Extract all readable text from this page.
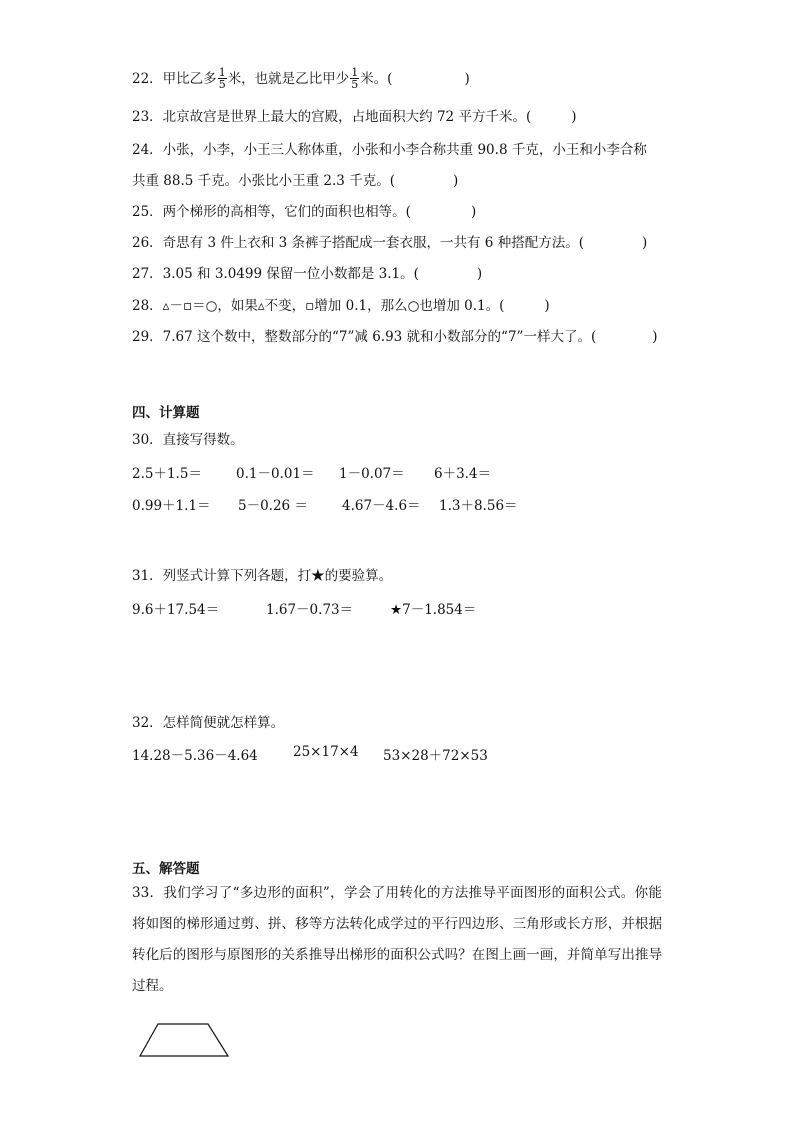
22．甲比乙多 $\frac{1}{5}$ 米，也就是乙比甲少 $\frac{1}{5}$ 米。(	)
23．北京故宫是世界上最大的宫殿，占地面积大约 72 平方千米。(	)
24．小张，小李，小王三人称体重，小张和小李合称共重 90.8 千克，小王和小李合称
共重 88.5 千克。小张比小王重 2.3 千克。(	)
25．两个梯形的高相等，它们的面积也相等。(	)
26．奇思有 3 件上衣和 3 条裤子搭配成一套衣服，一共有 6 种搭配方法。(	)
27．3.05 和 3.0499 保留一位小数都是 3.1。(	)
28．▵－▫＝○，如果▵不变，▫增加 0.1，那么○也增加 0.1。(	)
29．7.67 这个数中，整数部分的“7”减 6.93 就和小数部分的“7”一样大了。(	)
四、计算题
30．直接写得数。
2.5＋1.5＝	0.1－0.01＝ 1－0.07＝ 6＋3.4＝
0.99＋1.1＝ 5－0.26 ＝	4.67－4.6＝ 1.3＋8.56＝
31．列竖式计算下列各题，打★的要验算。
9.6＋17.54＝	1.67－0.73＝	★7－1.854＝
32．怎样简便就怎样算。
14.28－5.36－4.64	25×17×4 53×28＋72×53
五、解答题
33．我们学习了“多边形的面积”，学会了用转化的方法推导平面图形的面积公式。你能将如图的梯形通过剪、拼、移等方法转化成学过的平行四边形、三角形或长方形，并根据转化后的图形与原图形的关系推导出梯形的面积公式吗？在图上画一画，并简单写出推导过程。
